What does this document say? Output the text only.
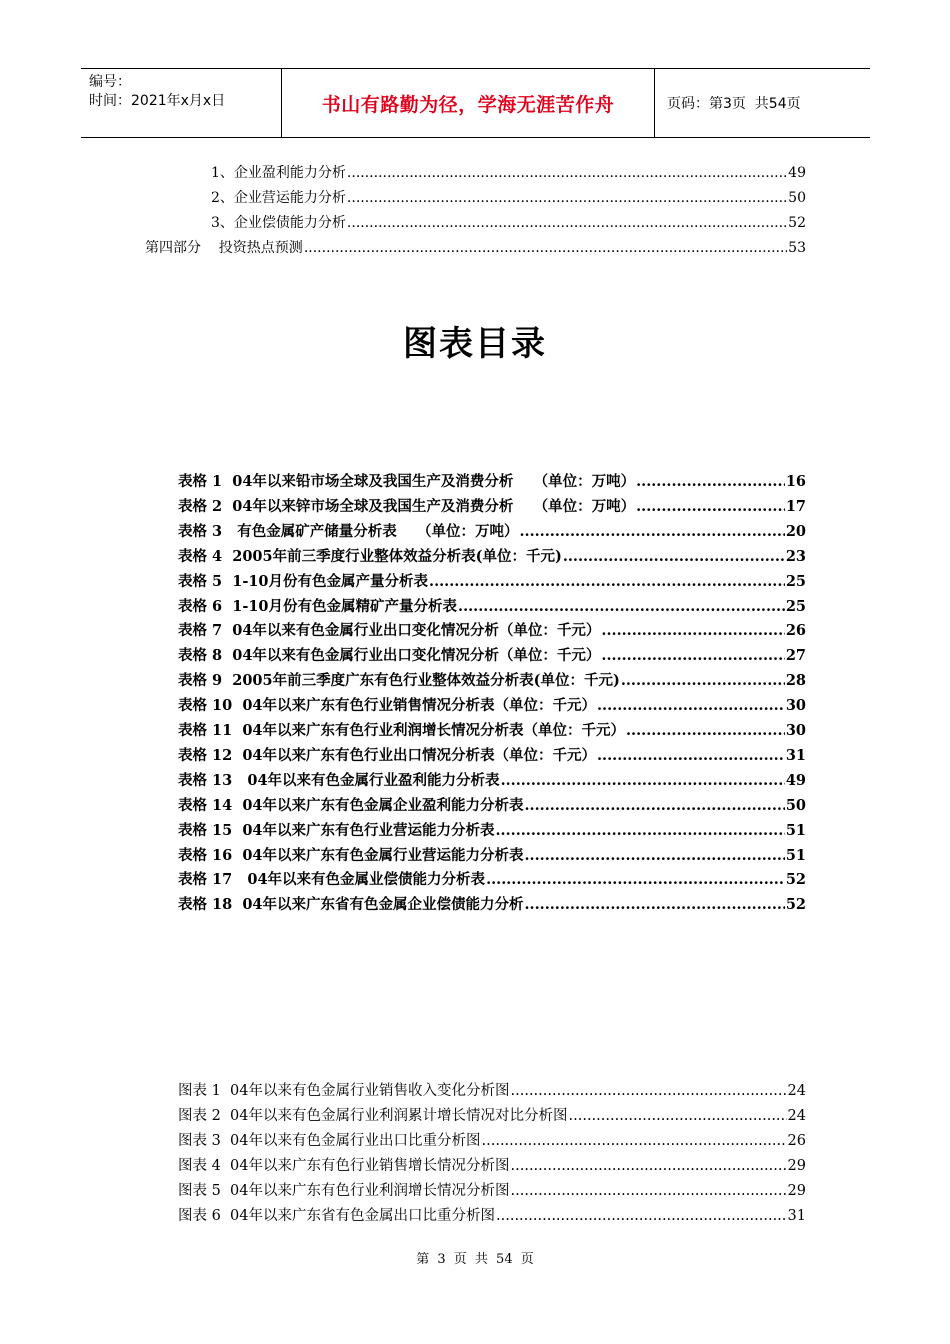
编号：
时间：2021年x月x日	书山有路勤为径，学海无涯苦作舟	页码：第3页  共54页
1、企业盈利能力分析 .....	49
2、企业营运能力分析 .....	50
3、企业偿债能力分析 .....	52
第四部分    投资热点预测 .....	53
图表目录
表格 1  04年以来铅市场全球及我国生产及消费分析    （单位：万吨） .....	16
表格 2  04年以来锌市场全球及我国生产及消费分析    （单位：万吨） .....	17
表格 3   有色金属矿产储量分析表    （单位：万吨） .....	20
表格 4  2005年前三季度行业整体效益分析表(单位：千元) .....	23
表格 5  1-10月份有色金属产量分析表 .....	25
表格 6  1-10月份有色金属精矿产量分析表 .....	25
表格 7  04年以来有色金属行业出口变化情况分析（单位：千元） .....	26
表格 8  04年以来有色金属行业出口变化情况分析（单位：千元） .....	27
表格 9  2005年前三季度广东有色行业整体效益分析表(单位：千元) .....	28
表格 10  04年以来广东有色行业销售情况分析表（单位：千元） .....	30
表格 11  04年以来广东有色行业利润增长情况分析表（单位：千元） .....	30
表格 12  04年以来广东有色行业出口情况分析表（单位：千元） .....	31
表格 13   04年以来有色金属行业盈利能力分析表 .....	49
表格 14  04年以来广东有色金属企业盈利能力分析表 .....	50
表格 15  04年以来广东有色行业营运能力分析表 .....	51
表格 16  04年以来广东有色金属行业营运能力分析表 .....	51
表格 17   04年以来有色金属业偿债能力分析表 .....	52
表格 18  04年以来广东省有色金属企业偿债能力分析 .....	52
图表 1  04年以来有色金属行业销售收入变化分析图 .....	24
图表 2  04年以来有色金属行业利润累计增长情况对比分析图 .....	24
图表 3  04年以来有色金属行业出口比重分析图 .....	26
图表 4  04年以来广东有色行业销售增长情况分析图 .....	29
图表 5  04年以来广东有色行业利润增长情况分析图 .....	29
图表 6  04年以来广东省有色金属出口比重分析图 .....	31
第 3 页 共 54 页
